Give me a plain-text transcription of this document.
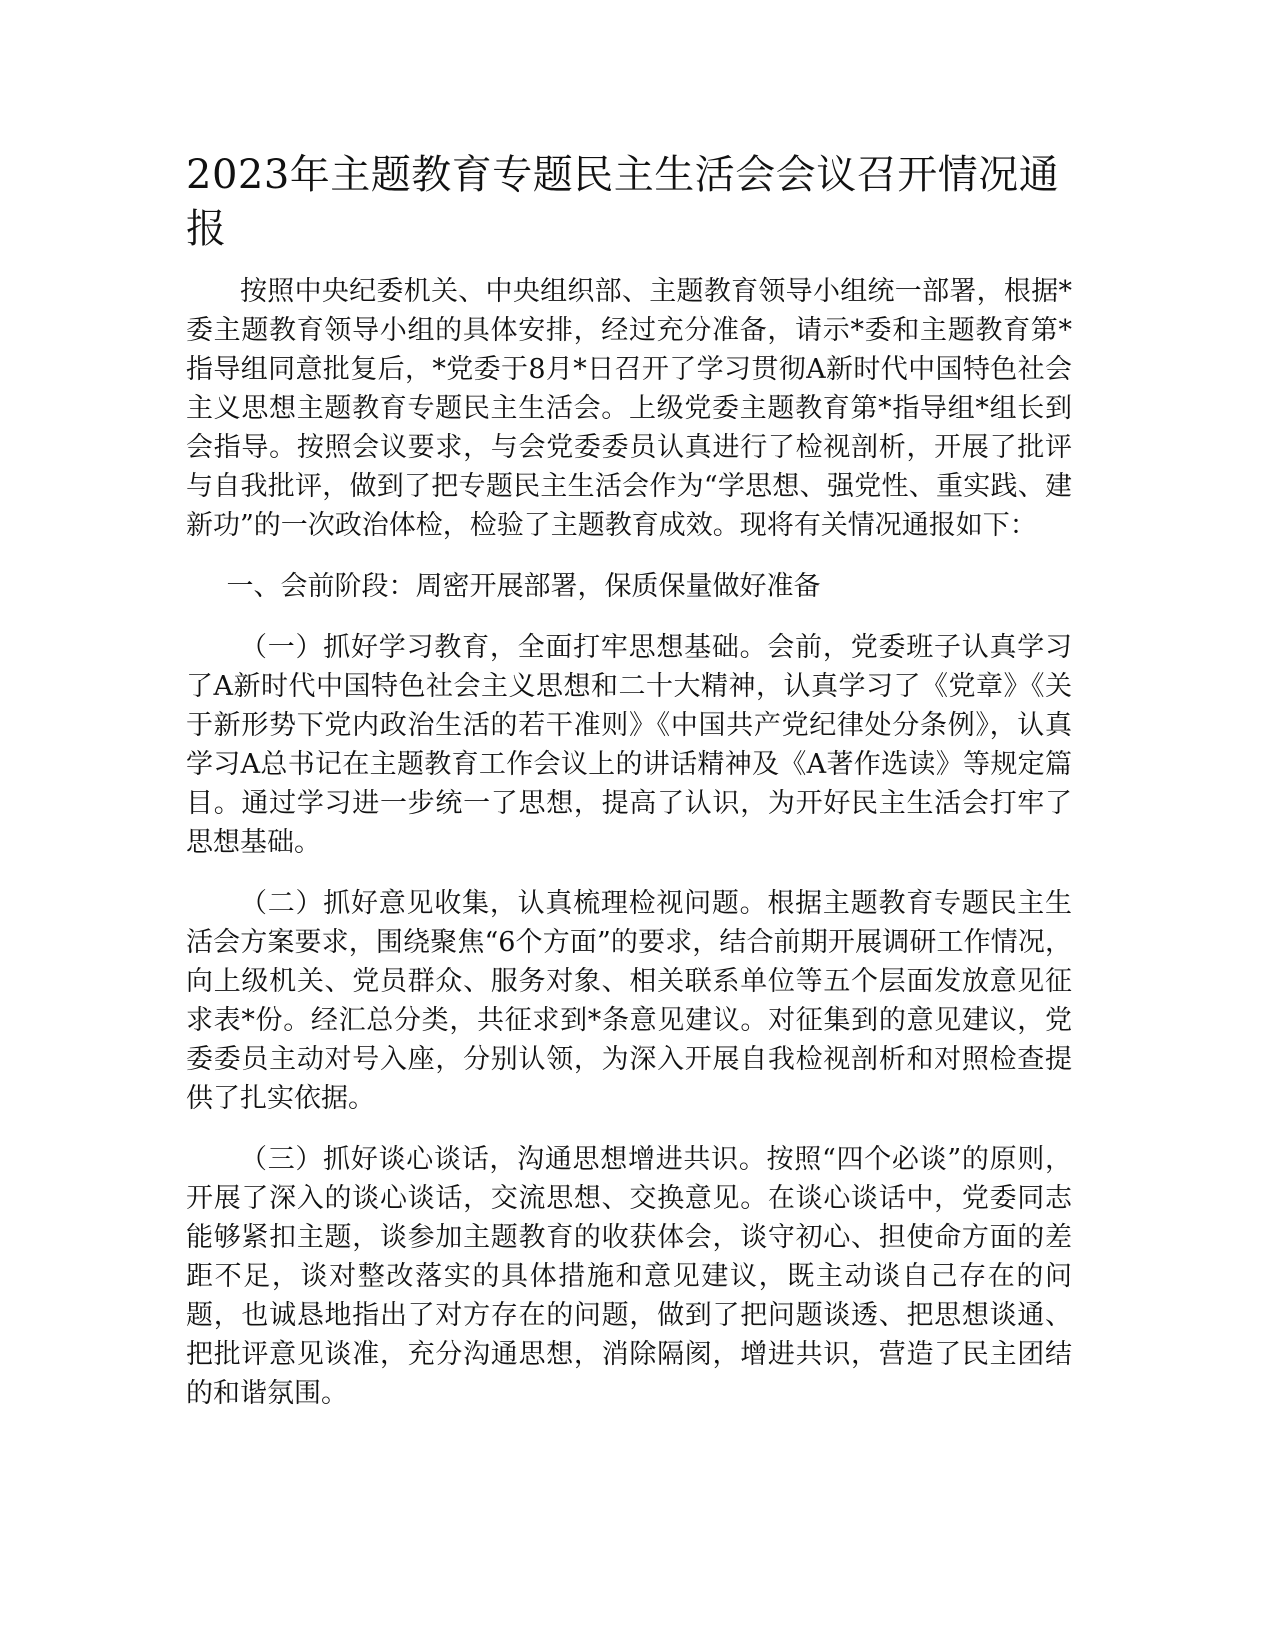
2023年主题教育专题民主生活会会议召开情况通报

按照中央纪委机关、中央组织部、主题教育领导小组统一部署，根据*委主题教育领导小组的具体安排，经过充分准备，请示*委和主题教育第*指导组同意批复后，*党委于8月*日召开了学习贯彻A新时代中国特色社会主义思想主题教育专题民主生活会。上级党委主题教育第*指导组*组长到会指导。按照会议要求，与会党委委员认真进行了检视剖析，开展了批评与自我批评，做到了把专题民主生活会作为“学思想、强党性、重实践、建新功”的一次政治体检，检验了主题教育成效。现将有关情况通报如下：

一、会前阶段：周密开展部署，保质保量做好准备

（一）抓好学习教育，全面打牢思想基础。会前，党委班子认真学习了A新时代中国特色社会主义思想和二十大精神，认真学习了《党章》《关于新形势下党内政治生活的若干准则》《中国共产党纪律处分条例》，认真学习A总书记在主题教育工作会议上的讲话精神及《A著作选读》等规定篇目。通过学习进一步统一了思想，提高了认识，为开好民主生活会打牢了思想基础。

（二）抓好意见收集，认真梳理检视问题。根据主题教育专题民主生活会方案要求，围绕聚焦“6个方面”的要求，结合前期开展调研工作情况，向上级机关、党员群众、服务对象、相关联系单位等五个层面发放意见征求表*份。经汇总分类，共征求到*条意见建议。对征集到的意见建议，党委委员主动对号入座，分别认领，为深入开展自我检视剖析和对照检查提供了扎实依据。

（三）抓好谈心谈话，沟通思想增进共识。按照“四个必谈”的原则，开展了深入的谈心谈话，交流思想、交换意见。在谈心谈话中，党委同志能够紧扣主题，谈参加主题教育的收获体会，谈守初心、担使命方面的差距不足，谈对整改落实的具体措施和意见建议，既主动谈自己存在的问题，也诚恳地指出了对方存在的问题，做到了把问题谈透、把思想谈通、把批评意见谈准，充分沟通思想，消除隔阂，增进共识，营造了民主团结的和谐氛围。
